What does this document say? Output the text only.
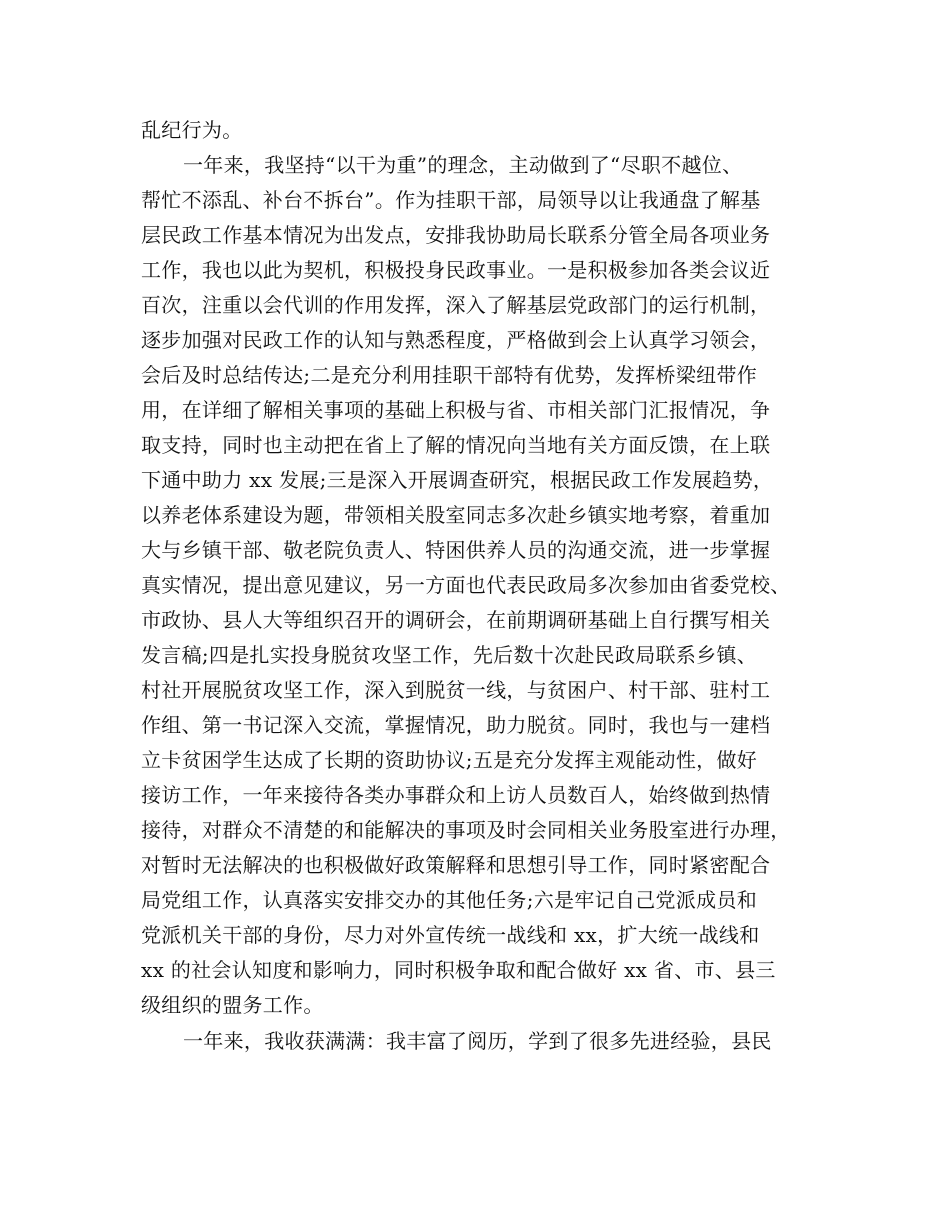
乱纪行为。

一年来，我坚持“以干为重”的理念，主动做到了“尽职不越位、

帮忙不添乱、补台不拆台”。作为挂职干部，局领导以让我通盘了解基

层民政工作基本情况为出发点，安排我协助局长联系分管全局各项业务

工作，我也以此为契机，积极投身民政事业。一是积极参加各类会议近

百次，注重以会代训的作用发挥，深入了解基层党政部门的运行机制，

逐步加强对民政工作的认知与熟悉程度，严格做到会上认真学习领会，

会后及时总结传达;二是充分利用挂职干部特有优势，发挥桥梁纽带作

用，在详细了解相关事项的基础上积极与省、市相关部门汇报情况，争

取支持，同时也主动把在省上了解的情况向当地有关方面反馈，在上联

下通中助力 xx 发展;三是深入开展调查研究，根据民政工作发展趋势，

以养老体系建设为题，带领相关股室同志多次赴乡镇实地考察，着重加

大与乡镇干部、敬老院负责人、特困供养人员的沟通交流，进一步掌握

真实情况，提出意见建议，另一方面也代表民政局多次参加由省委党校、

市政协、县人大等组织召开的调研会，在前期调研基础上自行撰写相关

发言稿;四是扎实投身脱贫攻坚工作，先后数十次赴民政局联系乡镇、

村社开展脱贫攻坚工作，深入到脱贫一线，与贫困户、村干部、驻村工

作组、第一书记深入交流，掌握情况，助力脱贫。同时，我也与一建档

立卡贫困学生达成了长期的资助协议;五是充分发挥主观能动性，做好

接访工作，一年来接待各类办事群众和上访人员数百人，始终做到热情

接待，对群众不清楚的和能解决的事项及时会同相关业务股室进行办理，

对暂时无法解决的也积极做好政策解释和思想引导工作，同时紧密配合

局党组工作，认真落实安排交办的其他任务;六是牢记自己党派成员和

党派机关干部的身份，尽力对外宣传统一战线和 xx，扩大统一战线和

xx 的社会认知度和影响力，同时积极争取和配合做好 xx 省、市、县三

级组织的盟务工作。

一年来，我收获满满：我丰富了阅历，学到了很多先进经验，县民
